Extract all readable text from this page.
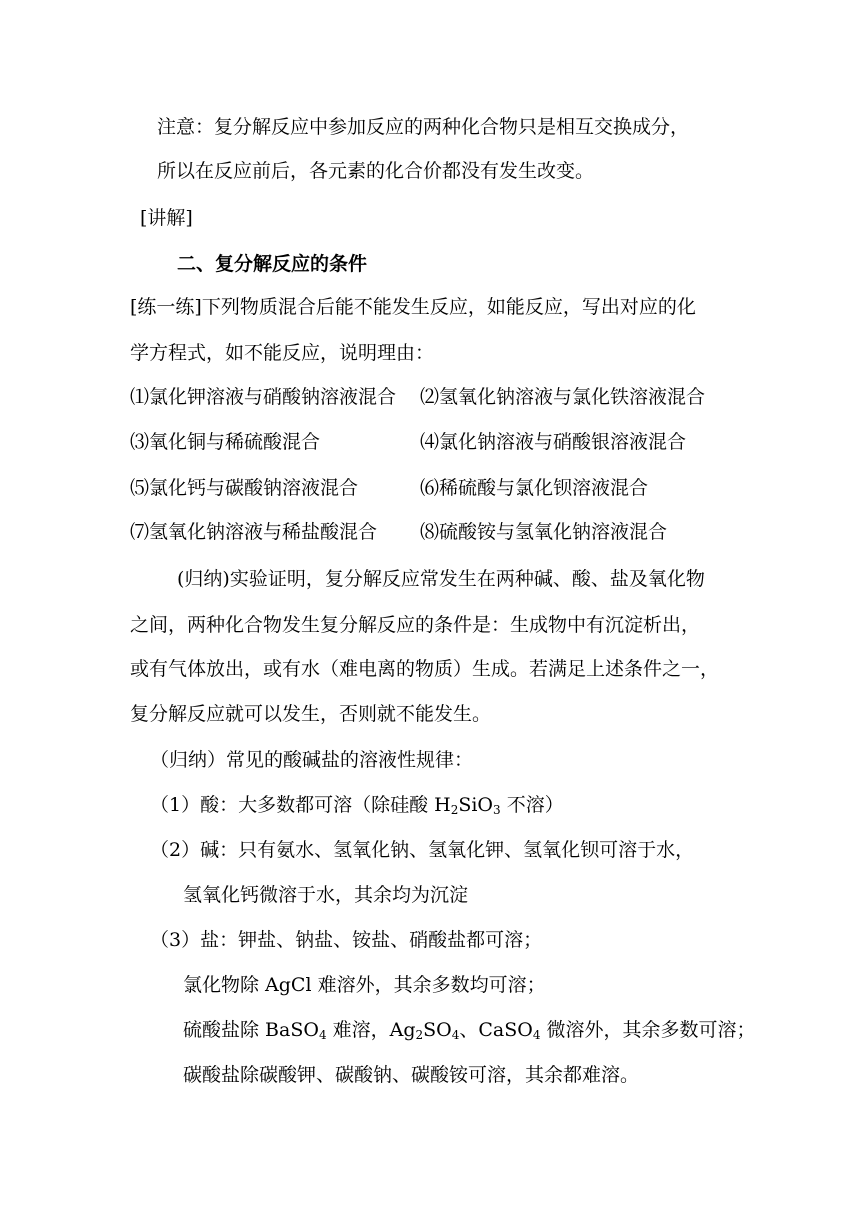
注意：复分解反应中参加反应的两种化合物只是相互交换成分，
所以在反应前后，各元素的化合价都没有发生改变。
[讲解]
二、复分解反应的条件
[练一练]下列物质混合后能不能发生反应，如能反应，写出对应的化
学方程式，如不能反应，说明理由：
⑴氯化钾溶液与硝酸钠溶液混合 ⑵氢氧化钠溶液与氯化铁溶液混合
⑶氧化铜与稀硫酸混合	⑷氯化钠溶液与硝酸银溶液混合
⑸氯化钙与碳酸钠溶液混合	⑹稀硫酸与氯化钡溶液混合
⑺氢氧化钠溶液与稀盐酸混合 ⑻硫酸铵与氢氧化钠溶液混合
(归纳)实验证明，复分解反应常发生在两种碱、酸、盐及氧化物
之间，两种化合物发生复分解反应的条件是：生成物中有沉淀析出，
或有气体放出，或有水（难电离的物质）生成。若满足上述条件之一，
复分解反应就可以发生，否则就不能发生。
（归纳）常见的酸碱盐的溶液性规律：
（1）酸：大多数都可溶（除硅酸 $H_2SiO_3$ 不溶）
（2）碱：只有氨水、氢氧化钠、氢氧化钾、氢氧化钡可溶于水，
氢氧化钙微溶于水，其余均为沉淀
（3）盐：钾盐、钠盐、铵盐、硝酸盐都可溶；
氯化物除 AgCl 难溶外，其余多数均可溶；
硫酸盐除 BaSO$_4$ 难溶，$Ag_2SO_4$、CaSO$_4$ 微溶外，其余多数可溶；
碳酸盐除碳酸钾、碳酸钠、碳酸铵可溶，其余都难溶。
